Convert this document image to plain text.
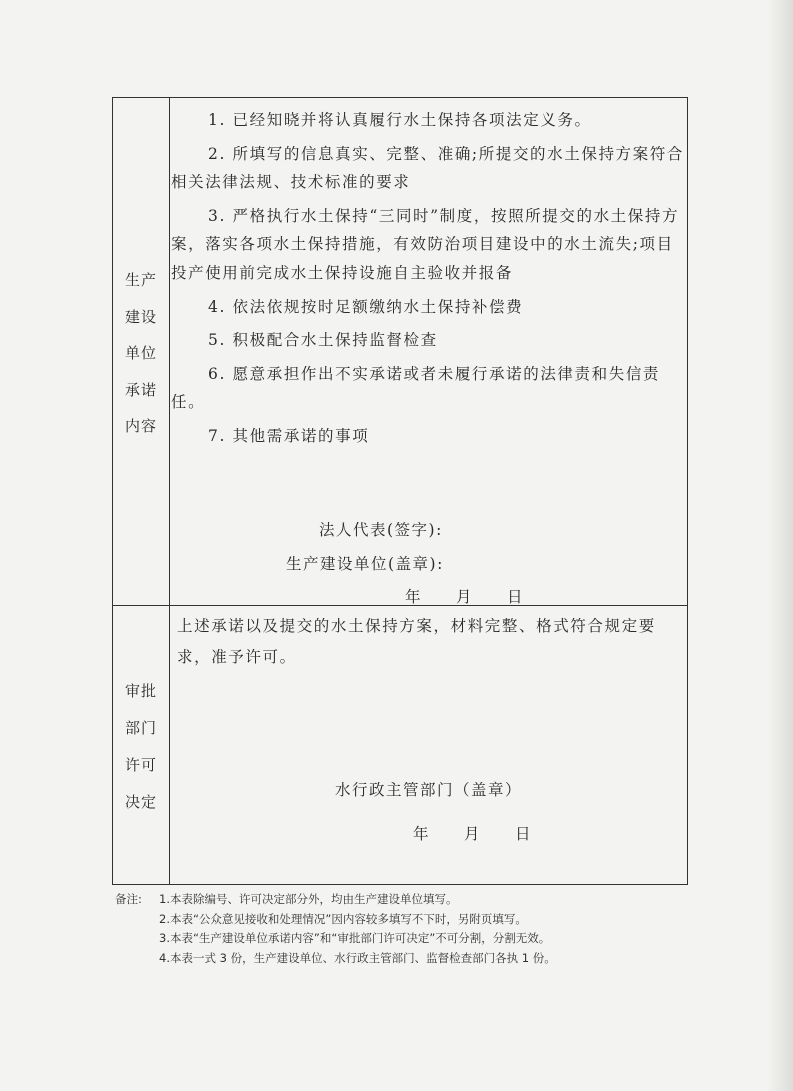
生产
建设
单位
承诺
内容

1. 已经知晓并将认真履行水土保持各项法定义务。

2. 所填写的信息真实、完整、准确;所提交的水土保持方案符合相关法律法规、技术标准的要求

3. 严格执行水土保持“三同时”制度，按照所提交的水土保持方案，落实各项水土保持措施，有效防治项目建设中的水土流失;项目投产使用前完成水土保持设施自主验收并报备

4. 依法依规按时足额缴纳水土保持补偿费

5. 积极配合水土保持监督检查

6. 愿意承担作出不实承诺或者未履行承诺的法律责和失信责任。

7. 其他需承诺的事项

法人代表(签字):
生产建设单位(盖章):
年　　月　　日
审批
部门
许可
决定
上述承诺以及提交的水土保持方案，材料完整、格式符合规定要求，准予许可。
水行政主管部门（盖章）
年　　月　　日
备注: 1.本表除编号、许可决定部分外，均由生产建设单位填写。
2.本表“公众意见接收和处理情况”因内容较多填写不下时，另附页填写。
3.本表“生产建设单位承诺内容”和“审批部门许可决定”不可分割，分割无效。
4.本表一式 3 份，生产建设单位、水行政主管部门、监督检查部门各执 1 份。
